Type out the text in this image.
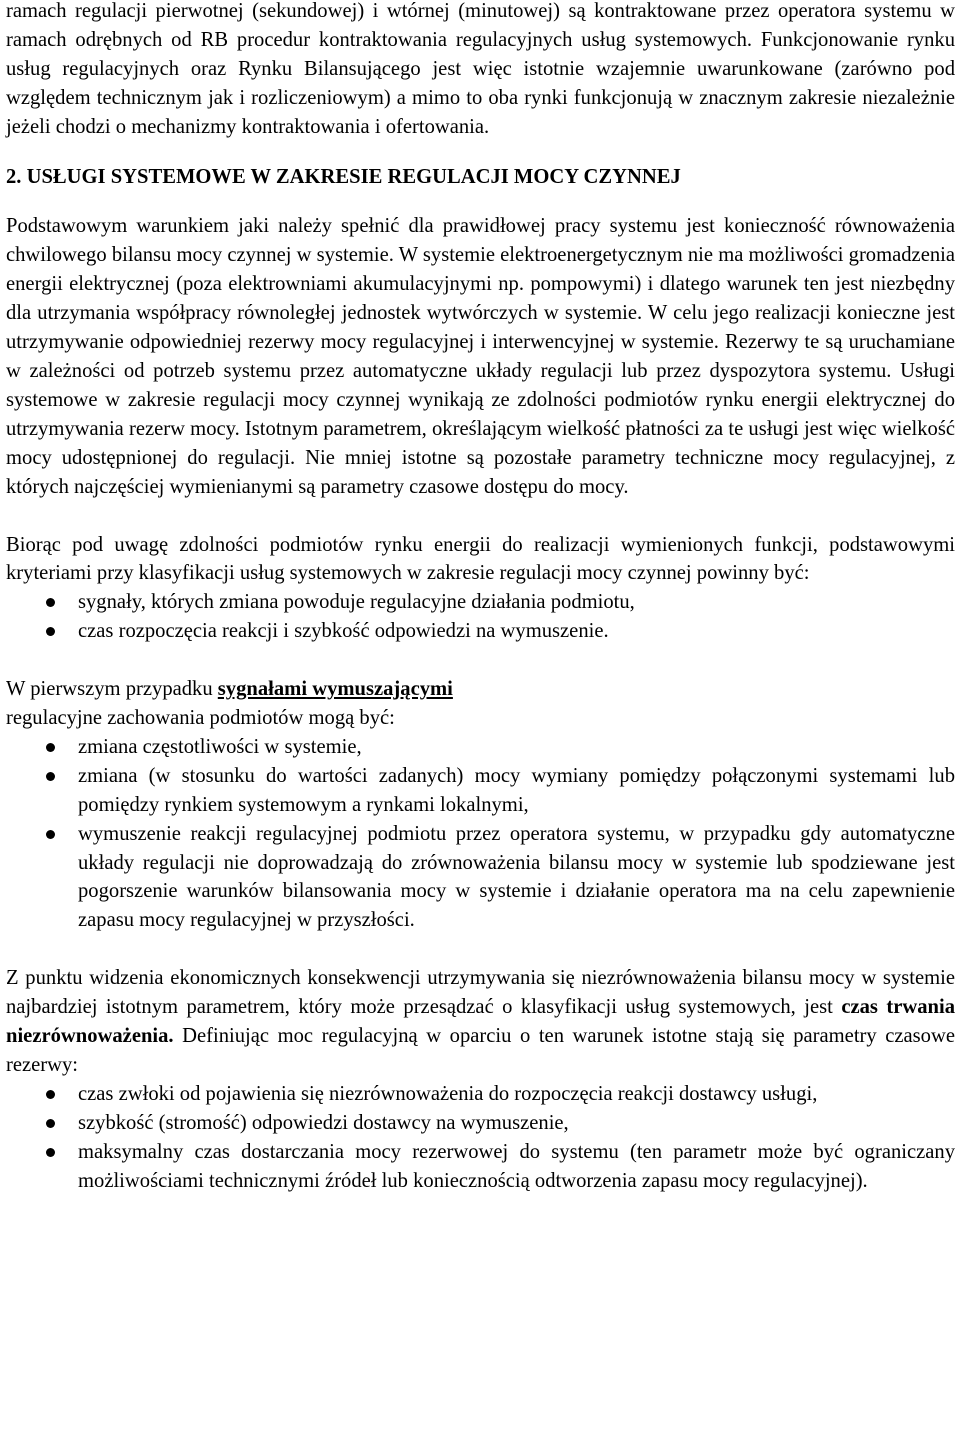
ramach regulacji pierwotnej (sekundowej) i wtórnej (minutowej) są kontraktowane przez operatora systemu w ramach odrębnych od RB procedur kontraktowania regulacyjnych usług systemowych. Funkcjonowanie rynku usług regulacyjnych oraz Rynku Bilansującego jest więc istotnie wzajemnie uwarunkowane (zarówno pod względem technicznym jak i rozliczeniowym) a mimo to oba rynki funkcjonują w znacznym zakresie niezależnie jeżeli chodzi o mechanizmy kontraktowania i ofertowania.

2. USŁUGI SYSTEMOWE W ZAKRESIE REGULACJI MOCY CZYNNEJ

Podstawowym warunkiem jaki należy spełnić dla prawidłowej pracy systemu jest konieczność równoważenia chwilowego bilansu mocy czynnej w systemie. W systemie elektroenergetycznym nie ma możliwości gromadzenia energii elektrycznej (poza elektrowniami akumulacyjnymi np. pompowymi) i dlatego warunek ten jest niezbędny dla utrzymania współpracy równoległej jednostek wytwórczych w systemie. W celu jego realizacji konieczne jest utrzymywanie odpowiedniej rezerwy mocy regulacyjnej i interwencyjnej w systemie. Rezerwy te są uruchamiane w zależności od potrzeb systemu przez automatyczne układy regulacji lub przez dyspozytora systemu. Usługi systemowe w zakresie regulacji mocy czynnej wynikają ze zdolności podmiotów rynku energii elektrycznej do utrzymywania rezerw mocy. Istotnym parametrem, określającym wielkość płatności za te usługi jest więc wielkość mocy udostępnionej do regulacji. Nie mniej istotne są pozostałe parametry techniczne mocy regulacyjnej, z których najczęściej wymienianymi są parametry czasowe dostępu do mocy.

Biorąc pod uwagę zdolności podmiotów rynku energii do realizacji wymienionych funkcji, podstawowymi kryteriami przy klasyfikacji usług systemowych w zakresie regulacji mocy czynnej powinny być:

sygnały, których zmiana powoduje regulacyjne działania podmiotu,
czas rozpoczęcia reakcji i szybkość odpowiedzi na wymuszenie.

W pierwszym przypadku sygnałami wymuszającymi
regulacyjne zachowania podmiotów mogą być:

zmiana częstotliwości w systemie,
zmiana (w stosunku do wartości zadanych) mocy wymiany pomiędzy połączonymi systemami lub pomiędzy rynkiem systemowym a rynkami lokalnymi,
wymuszenie reakcji regulacyjnej podmiotu przez operatora systemu, w przypadku gdy automatyczne układy regulacji nie doprowadzają do zrównoważenia bilansu mocy w systemie lub spodziewane jest pogorszenie warunków bilansowania mocy w systemie i działanie operatora ma na celu zapewnienie zapasu mocy regulacyjnej w przyszłości.

Z punktu widzenia ekonomicznych konsekwencji utrzymywania się niezrównoważenia bilansu mocy w systemie najbardziej istotnym parametrem, który może przesądzać o klasyfikacji usług systemowych, jest czas trwania niezrównoważenia. Definiując moc regulacyjną w oparciu o ten warunek istotne stają się parametry czasowe rezerwy:

czas zwłoki od pojawienia się niezrównoważenia do rozpoczęcia reakcji dostawcy usługi,
szybkość (stromość) odpowiedzi dostawcy na wymuszenie,
maksymalny czas dostarczania mocy rezerwowej do systemu (ten parametr może być ograniczany możliwościami technicznymi źródeł lub koniecznością odtworzenia zapasu mocy regulacyjnej).
